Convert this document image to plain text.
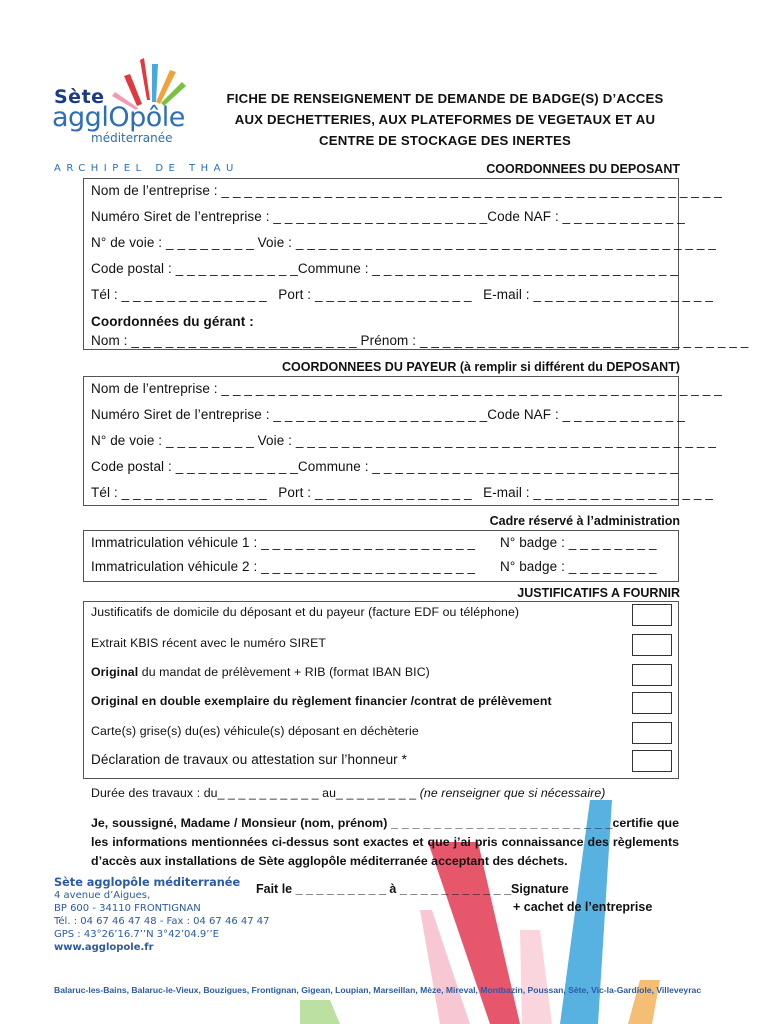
Sète
agglOpôle
méditerranée
ARCHIPEL DE THAU
FICHE DE RENSEIGNEMENT DE DEMANDE DE BADGE(S) D’ACCES
AUX DECHETTERIES, AUX PLATEFORMES DE VEGETAUX ET AU
CENTRE DE STOCKAGE DES INERTES
COORDONNEES DU DEPOSANT
Nom de l’entreprise : _ _ _ _ _ _ _ _ _ _ _ _ _ _ _ _ _ _ _ _ _ _ _ _ _ _ _ _ _ _ _ _ _ _ _ _ _ _ _ _ _ _ _ _
Numéro Siret de l’entreprise : _ _ _ _ _ _ _ _ _ _ _ _ _ _ _ _ _ _ _Code NAF : _ _ _ _ _ _ _ _ _ _ _
N° de voie : _ _ _ _ _ _ _ _ Voie : _ _ _ _ _ _ _ _ _ _ _ _ _ _ _ _ _ _ _ _ _ _ _ _ _ _ _ _ _ _ _ _ _ _ _ _ _
Code postal : _ _ _ _ _ _ _ _ _ _ _Commune : _ _ _ _ _ _ _ _ _ _ _ _ _ _ _ _ _ _ _ _ _ _ _ _ _ _ _
Tél : _ _ _ _ _ _ _ _ _ _ _ _ _   Port : _ _ _ _ _ _ _ _ _ _ _ _ _ _   E-mail : _ _ _ _ _ _ _ _ _ _ _ _ _ _ _ _
Coordonnées du gérant :
Nom : _ _ _ _ _ _ _ _ _ _ _ _ _ _ _ _ _ _ _ _ Prénom : _ _ _ _ _ _ _ _ _ _ _ _ _ _ _ _ _ _ _ _ _ _ _ _ _ _ _ _ _
COORDONNEES DU PAYEUR (à remplir si différent du DEPOSANT)
Nom de l’entreprise : _ _ _ _ _ _ _ _ _ _ _ _ _ _ _ _ _ _ _ _ _ _ _ _ _ _ _ _ _ _ _ _ _ _ _ _ _ _ _ _ _ _ _ _
Numéro Siret de l’entreprise : _ _ _ _ _ _ _ _ _ _ _ _ _ _ _ _ _ _ _Code NAF : _ _ _ _ _ _ _ _ _ _ _
N° de voie : _ _ _ _ _ _ _ _ Voie : _ _ _ _ _ _ _ _ _ _ _ _ _ _ _ _ _ _ _ _ _ _ _ _ _ _ _ _ _ _ _ _ _ _ _ _ _
Code postal : _ _ _ _ _ _ _ _ _ _ _Commune : _ _ _ _ _ _ _ _ _ _ _ _ _ _ _ _ _ _ _ _ _ _ _ _ _ _ _
Tél : _ _ _ _ _ _ _ _ _ _ _ _ _   Port : _ _ _ _ _ _ _ _ _ _ _ _ _ _   E-mail : _ _ _ _ _ _ _ _ _ _ _ _ _ _ _ _
Cadre réservé à l’administration
Immatriculation véhicule 1 : _ _ _ _ _ _ _ _ _ _ _ _ _ _ _ _ _ _ _ N° badge : _ _ _ _ _ _ _ _
Immatriculation véhicule 2 : _ _ _ _ _ _ _ _ _ _ _ _ _ _ _ _ _ _ _ N° badge : _ _ _ _ _ _ _ _
JUSTIFICATIFS A FOURNIR
Justificatifs de domicile du déposant et du payeur (facture EDF ou téléphone)
Extrait KBIS récent avec le numéro SIRET
Original du mandat de prélèvement + RIB (format IBAN BIC)
Original en double exemplaire du règlement financier /contrat de prélèvement
Carte(s) grise(s) du(es) véhicule(s) déposant en déchèterie
Déclaration de travaux ou attestation sur l’honneur *
Durée des travaux : du_ _ _ _ _ _ _ _ _ _ au_ _ _ _ _ _ _ _ (ne renseigner que si nécessaire)
Je, soussigné, Madame / Monsieur (nom, prénom) _ _ _ _ _ _ _ _ _ _ _ _ _ _ _ _ _ _ _ _ _certifie que les informations mentionnées ci-dessus sont exactes et que j’ai pris connaissance des règlements d’accès aux installations de Sète agglopôle méditerranée acceptant des déchets.
Fait le _ _ _ _ _ _ _ _ _ à _ _ _ _ _ _ _ _ _ _ _Signature
+ cachet de l’entreprise
Sète agglopôle méditerranée
4 avenue d’Aigues,
BP 600 - 34110 FRONTIGNAN
Tél. : 04 67 46 47 48 - Fax : 04 67 46 47 47
GPS : 43°26’16.7’’N 3°42’04.9’’E
www.agglopole.fr
Balaruc-les-Bains, Balaruc-le-Vieux, Bouzigues, Frontignan, Gigean, Loupian, Marseillan, Mèze, Mireval, Montbazin, Poussan, Sète, Vic-la-Gardiole, Villeveyrac
